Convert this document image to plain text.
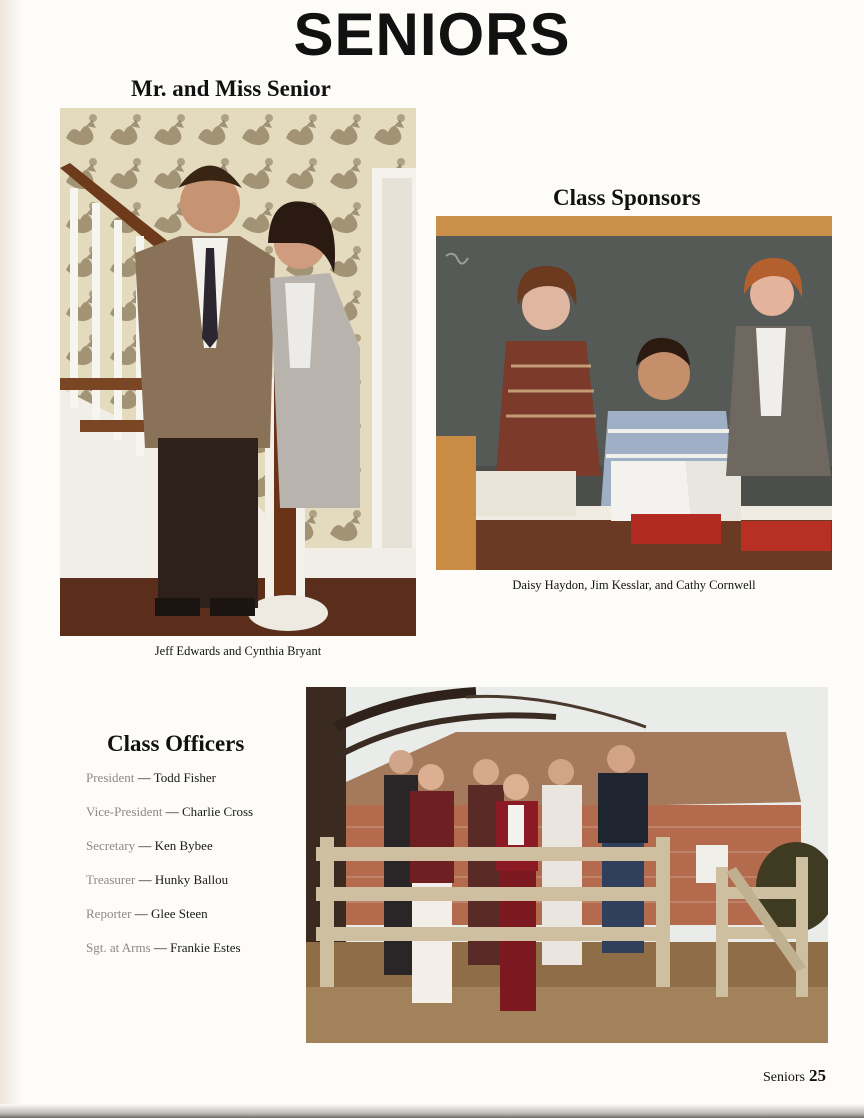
SENIORS
Mr. and Miss Senior
Jeff Edwards and Cynthia Bryant
Class Sponsors
Daisy Haydon, Jim Kesslar, and Cathy Cornwell
Class Officers
President — Todd Fisher
Vice-President — Charlie Cross
Secretary — Ken Bybee
Treasurer — Hunky Ballou
Reporter — Glee Steen
Sgt. at Arms — Frankie Estes
Seniors 25
